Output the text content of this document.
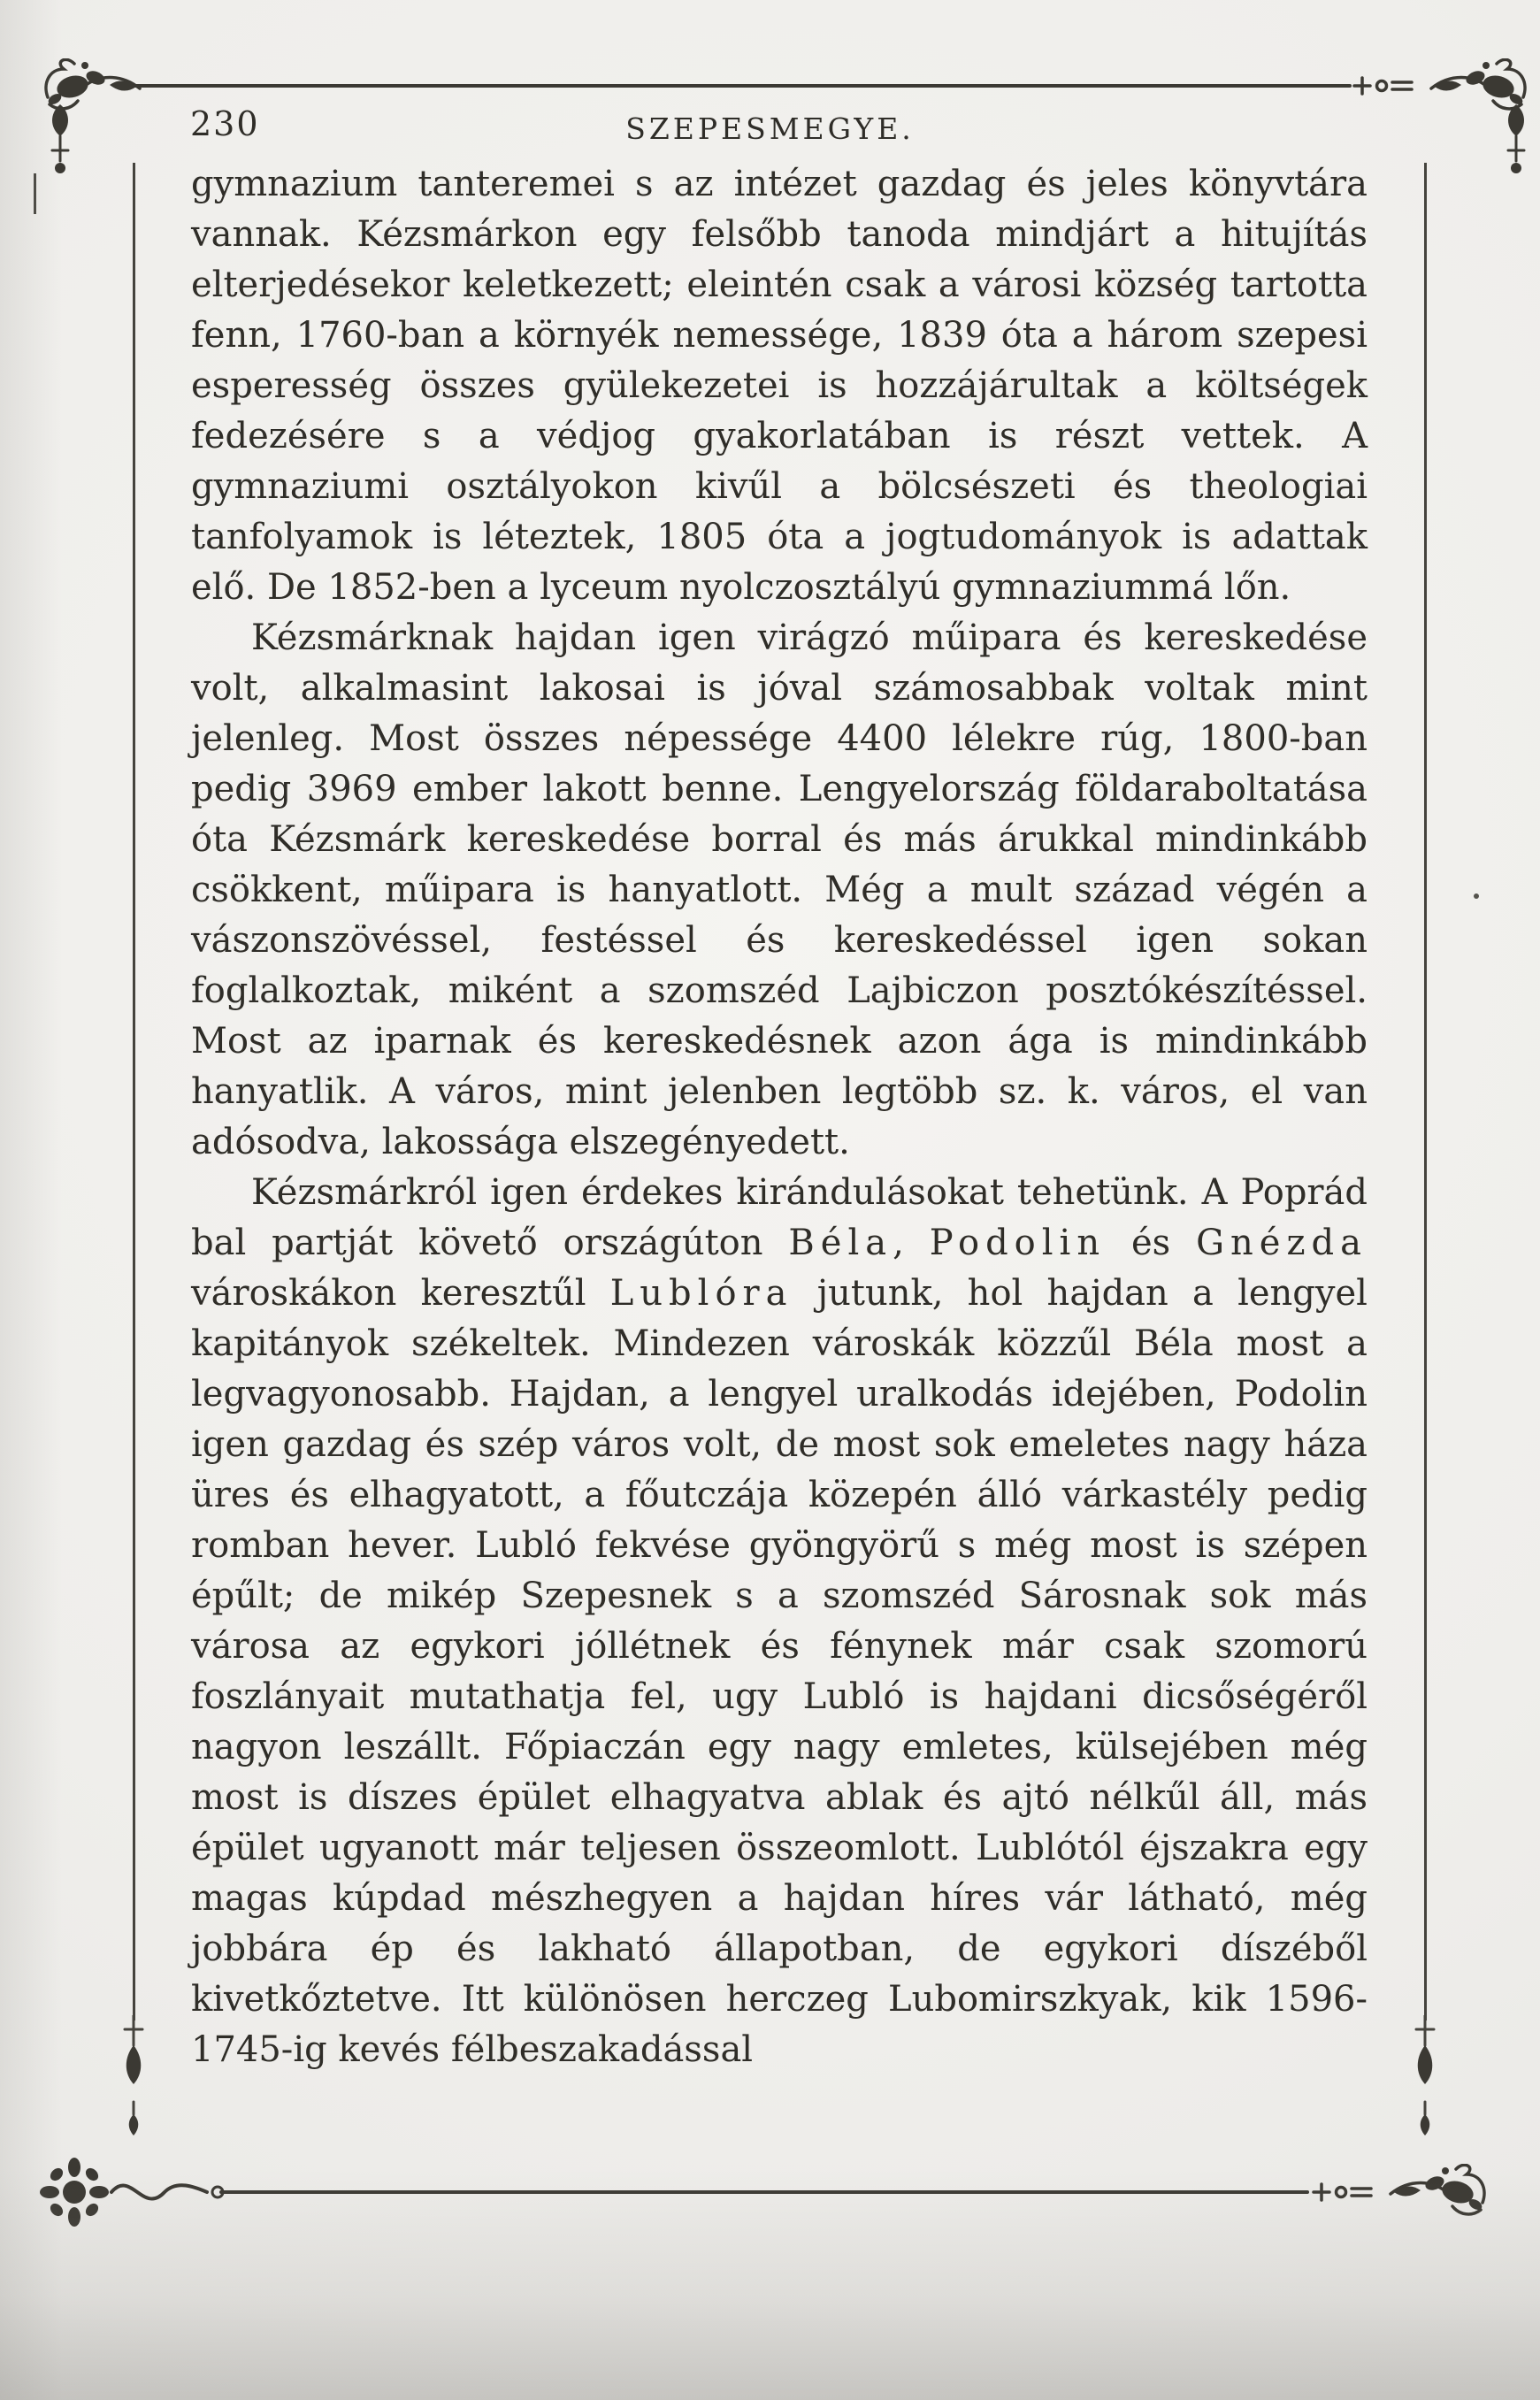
230	SZEPESMEGYE.

gymnazium tanteremei s az intézet gazdag és jeles könyvtára vannak. Kézsmárkon egy felsőbb tanoda mindjárt a hitujítás elterjedésekor keletkezett; eleintén csak a városi község tartotta fenn, 1760-ban a környék nemessége, 1839 óta a három szepesi esperesség összes gyülekezetei is hozzájárultak a költségek fedezésére s a védjog gyakorlatában is részt vettek. A gymnaziumi osztályokon kivűl a bölcsészeti és theologiai tanfolyamok is léteztek, 1805 óta a jogtudományok is adattak elő. De 1852-ben a lyceum nyolczosztályú gymnaziummá lőn.

Kézsmárknak hajdan igen virágzó műipara és kereskedése volt, alkalmasint lakosai is jóval számosabbak voltak mint jelenleg. Most összes népessége 4400 lélekre rúg, 1800-ban pedig 3969 ember lakott benne. Lengyelország földaraboltatása óta Kézsmárk kereskedése borral és más árukkal mindinkább csökkent, műipara is hanyatlott. Még a mult század végén a vászonszövéssel, festéssel és kereskedéssel igen sokan foglalkoztak, miként a szomszéd Lajbiczon posztókészítéssel. Most az iparnak és kereskedésnek azon ága is mindinkább hanyatlik. A város, mint jelenben legtöbb sz. k. város, el van adósodva, lakossága elszegényedett.

Kézsmárkról igen érdekes kirándulásokat tehetünk. A Poprád bal partját követő országúton Béla, Podolin és Gnézda városkákon keresztűl Lublóra jutunk, hol hajdan a lengyel kapitányok székeltek. Mindezen városkák közzűl Béla most a legvagyonosabb. Hajdan, a lengyel uralkodás idejében, Podolin igen gazdag és szép város volt, de most sok emeletes nagy háza üres és elhagyatott, a főutczája közepén álló várkastély pedig romban hever. Lubló fekvése gyöngyörű s még most is szépen épűlt; de mikép Szepesnek s a szomszéd Sárosnak sok más városa az egykori jóllétnek és fénynek már csak szomorú foszlányait mutathatja fel, ugy Lubló is hajdani dicsőségéről nagyon leszállt. Főpiaczán egy nagy emletes, külsejében még most is díszes épület elhagyatva ablak és ajtó nélkűl áll, más épület ugyanott már teljesen összeomlott. Lublótól éjszakra egy magas kúpdad mészhegyen a hajdan híres vár látható, még jobbára ép és lakható állapotban, de egykori díszéből kivetkőztetve. Itt különösen herczeg Lubomirszkyak, kik 1596-1745-ig kevés félbeszakadással
